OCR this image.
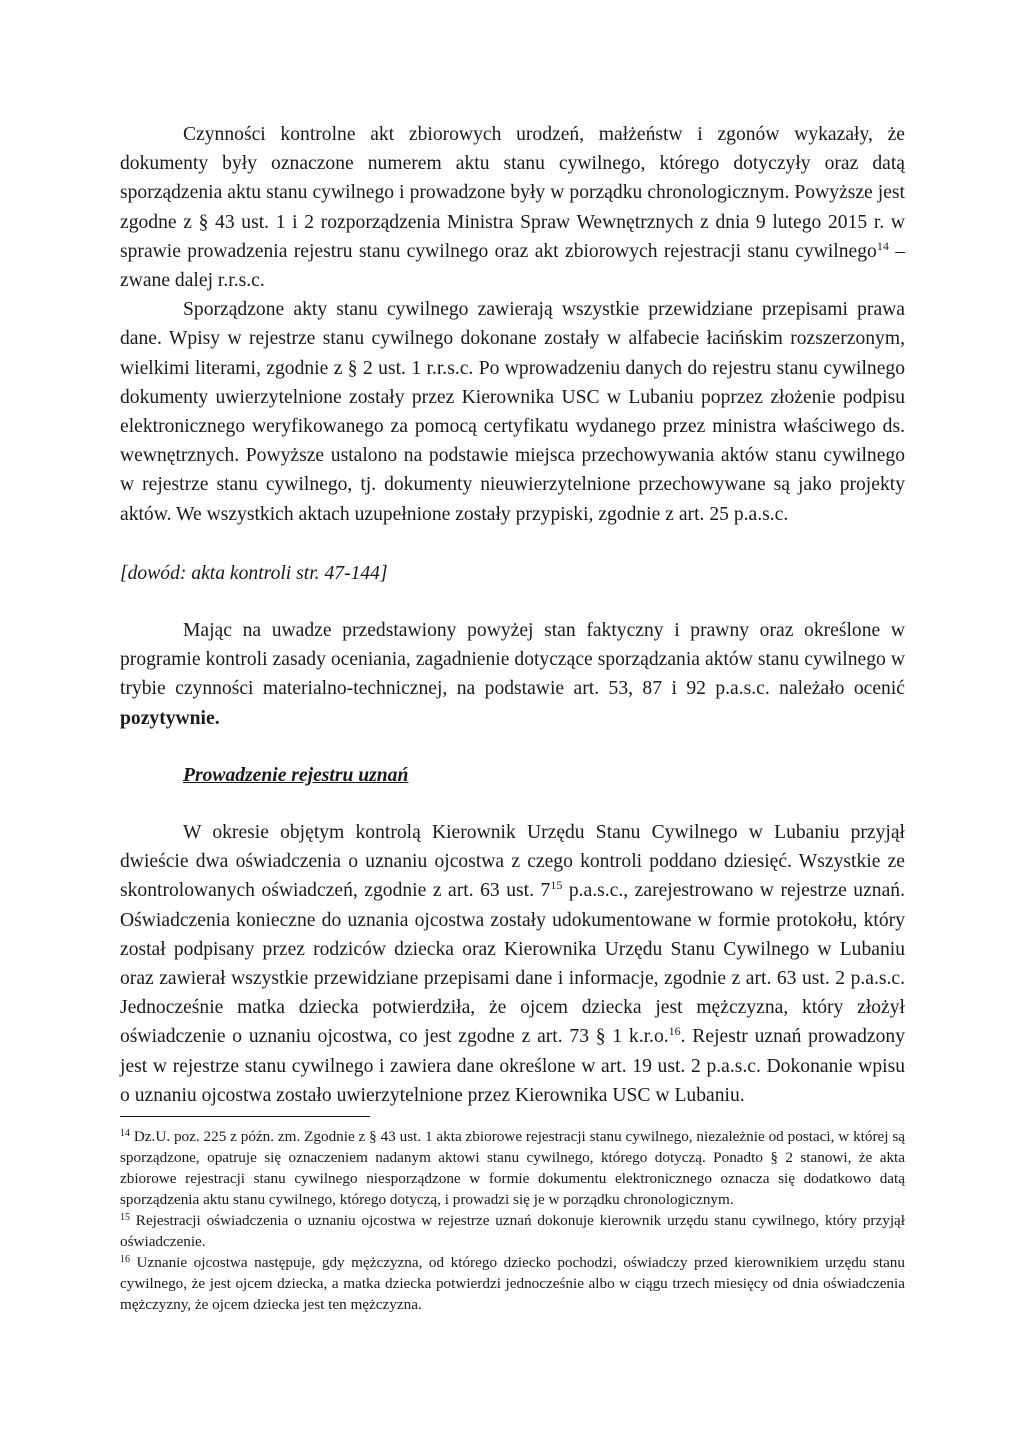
Czynności kontrolne akt zbiorowych urodzeń, małżeństw i zgonów wykazały, że dokumenty były oznaczone numerem aktu stanu cywilnego, którego dotyczyły oraz datą sporządzenia aktu stanu cywilnego i prowadzone były w porządku chronologicznym. Powyższe jest zgodne z § 43 ust. 1 i 2 rozporządzenia Ministra Spraw Wewnętrznych z dnia 9 lutego 2015 r. w sprawie prowadzenia rejestru stanu cywilnego oraz akt zbiorowych rejestracji stanu cywilnego$^{14}$ – zwane dalej r.r.s.c.

Sporządzone akty stanu cywilnego zawierają wszystkie przewidziane przepisami prawa dane. Wpisy w rejestrze stanu cywilnego dokonane zostały w alfabecie łacińskim rozszerzonym, wielkimi literami, zgodnie z § 2 ust. 1 r.r.s.c. Po wprowadzeniu danych do rejestru stanu cywilnego dokumenty uwierzytelnione zostały przez Kierownika USC w Lubaniu poprzez złożenie podpisu elektronicznego weryfikowanego za pomocą certyfikatu wydanego przez ministra właściwego ds. wewnętrznych. Powyższe ustalono na podstawie miejsca przechowywania aktów stanu cywilnego w rejestrze stanu cywilnego, tj. dokumenty nieuwierzytelnione przechowywane są jako projekty aktów. We wszystkich aktach uzupełnione zostały przypiski, zgodnie z art. 25 p.a.s.c.

[dowód: akta kontroli str. 47-144]

Mając na uwadze przedstawiony powyżej stan faktyczny i prawny oraz określone w programie kontroli zasady oceniania, zagadnienie dotyczące sporządzania aktów stanu cywilnego w trybie czynności materialno-technicznej, na podstawie art. 53, 87 i 92 p.a.s.c. należało ocenić pozytywnie.

Prowadzenie rejestru uznań

W okresie objętym kontrolą Kierownik Urzędu Stanu Cywilnego w Lubaniu przyjął dwieście dwa oświadczenia o uznaniu ojcostwa z czego kontroli poddano dziesięć. Wszystkie ze skontrolowanych oświadczeń, zgodnie z art. 63 ust. $7^{15}$ p.a.s.c., zarejestrowano w rejestrze uznań. Oświadczenia konieczne do uznania ojcostwa zostały udokumentowane w formie protokołu, który został podpisany przez rodziców dziecka oraz Kierownika Urzędu Stanu Cywilnego w Lubaniu oraz zawierał wszystkie przewidziane przepisami dane i informacje, zgodnie z art. 63 ust. 2 p.a.s.c. Jednocześnie matka dziecka potwierdziła, że ojcem dziecka jest mężczyzna, który złożył oświadczenie o uznaniu ojcostwa, co jest zgodne z art. 73 § 1 k.r.o.$^{16}$. Rejestr uznań prowadzony jest w rejestrze stanu cywilnego i zawiera dane określone w art. 19 ust. 2 p.a.s.c. Dokonanie wpisu o uznaniu ojcostwa zostało uwierzytelnione przez Kierownika USC w Lubaniu.

$^{14}$ Dz.U. poz. 225 z późn. zm. Zgodnie z § 43 ust. 1 akta zbiorowe rejestracji stanu cywilnego, niezależnie od postaci, w której są sporządzone, opatruje się oznaczeniem nadanym aktowi stanu cywilnego, którego dotyczą. Ponadto § 2 stanowi, że akta zbiorowe rejestracji stanu cywilnego niesporządzone w formie dokumentu elektronicznego oznacza się dodatkowo datą sporządzenia aktu stanu cywilnego, którego dotyczą, i prowadzi się je w porządku chronologicznym.

$^{15}$ Rejestracji oświadczenia o uznaniu ojcostwa w rejestrze uznań dokonuje kierownik urzędu stanu cywilnego, który przyjął oświadczenie.

$^{16}$ Uznanie ojcostwa następuje, gdy mężczyzna, od którego dziecko pochodzi, oświadczy przed kierownikiem urzędu stanu cywilnego, że jest ojcem dziecka, a matka dziecka potwierdzi jednocześnie albo w ciągu trzech miesięcy od dnia oświadczenia mężczyzny, że ojcem dziecka jest ten mężczyzna.
